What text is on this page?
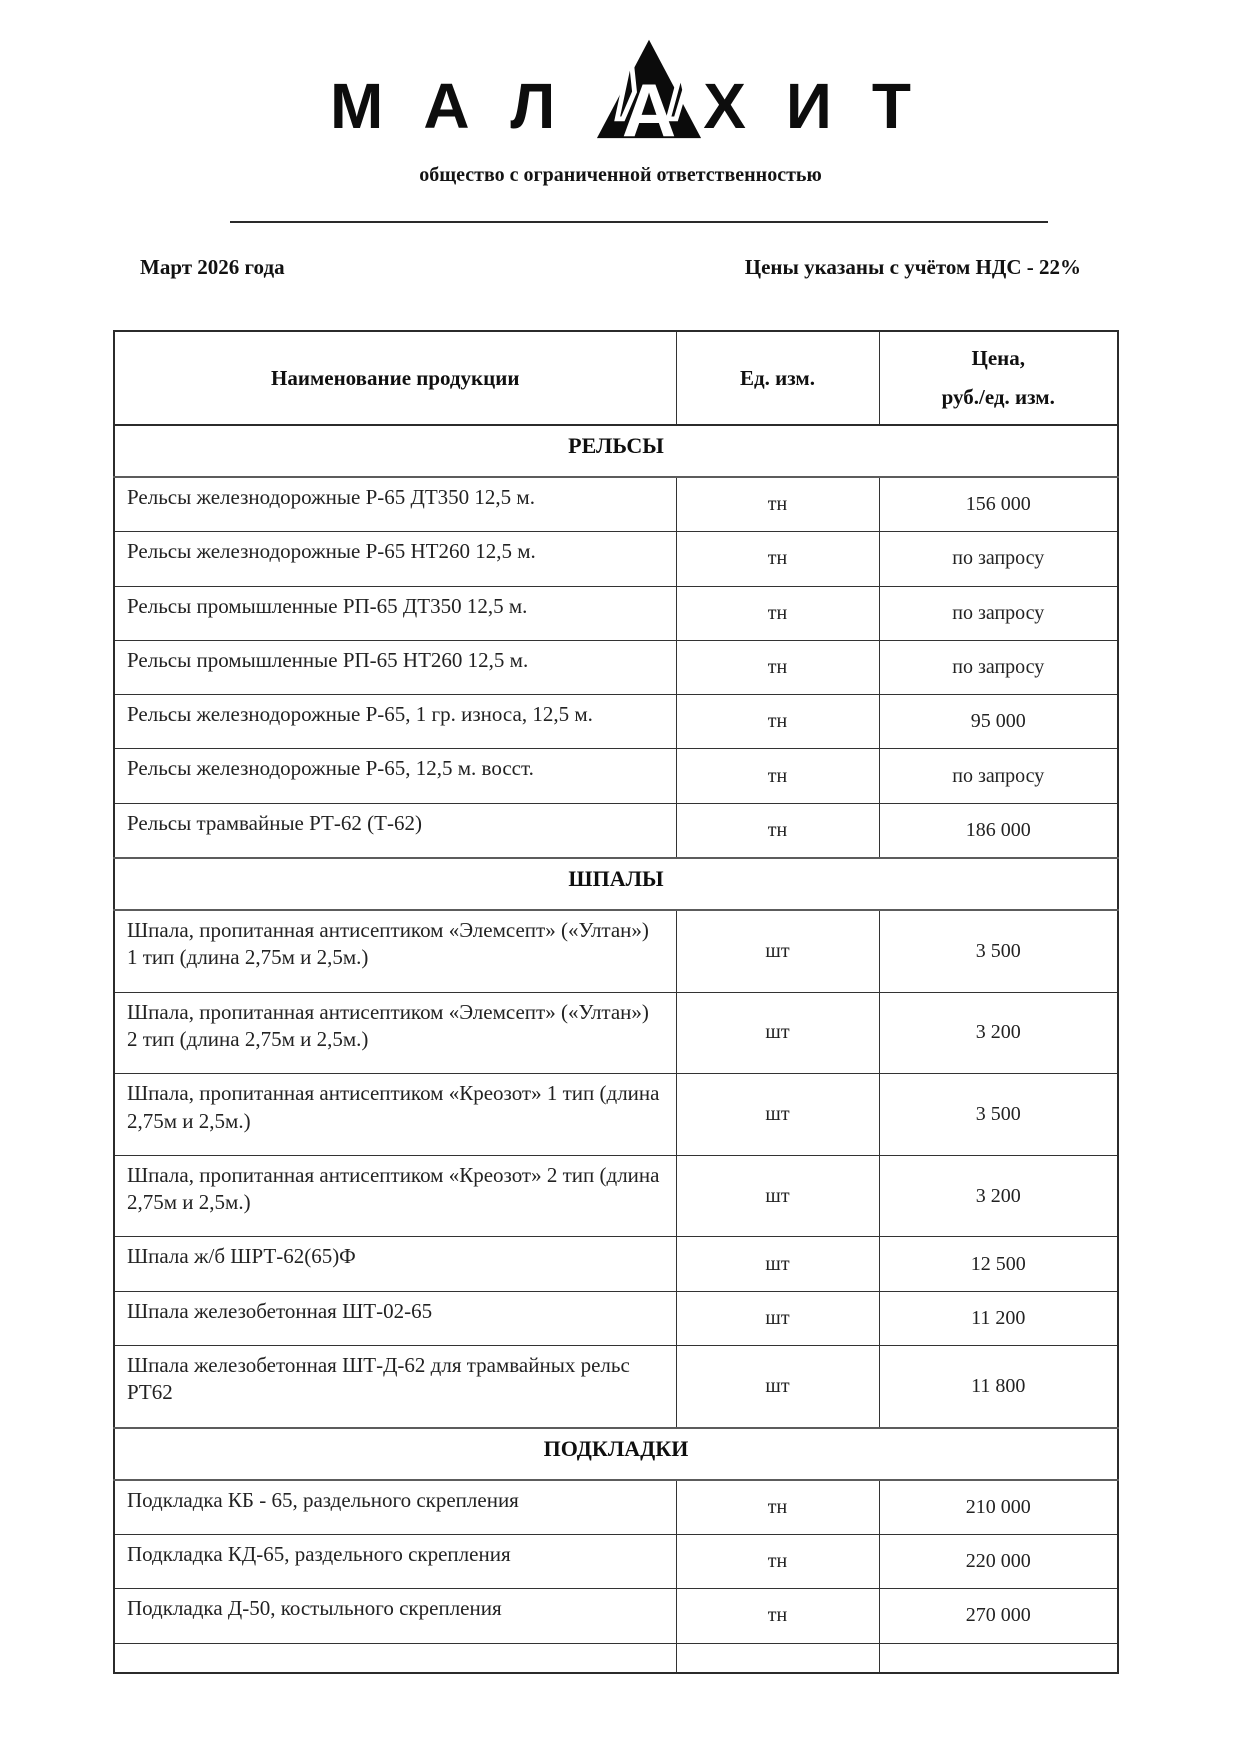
МАЛ А ХИТ
общество с ограниченной ответственностью
Март 2026 года	Цены указаны с учётом НДС - 22%
Наименование продукции	Ед. изм.	Цена,
руб./ед. изм.

РЕЛЬСЫ		
Рельсы железнодорожные Р-65 ДТ350 12,5 м.	тн	156 000
Рельсы железнодорожные Р-65 НТ260 12,5 м.	тн	по запросу
Рельсы промышленные РП-65 ДТ350 12,5 м.	тн	по запросу
Рельсы промышленные РП-65 НТ260 12,5 м.	тн	по запросу
Рельсы железнодорожные Р-65, 1 гр. износа, 12,5 м.	тн	95 000
Рельсы железнодорожные Р-65, 12,5 м. восст.	тн	по запросу
Рельсы трамвайные РТ-62 (Т-62)	тн	186 000
ШПАЛЫ		
Шпала, пропитанная антисептиком «Элемсепт» («Ултан») 1 тип (длина 2,75м и 2,5м.)	шт	3 500
Шпала, пропитанная антисептиком «Элемсепт» («Ултан») 2 тип (длина 2,75м и 2,5м.)	шт	3 200
Шпала, пропитанная антисептиком «Креозот» 1 тип (длина 2,75м и 2,5м.)	шт	3 500
Шпала, пропитанная антисептиком «Креозот» 2 тип (длина 2,75м и 2,5м.)	шт	3 200
Шпала ж/б ШРТ-62(65)Ф	шт	12 500
Шпала железобетонная ШТ-02-65	шт	11 200
Шпала железобетонная ШТ-Д-62 для трамвайных рельс РТ62	шт	11 800
ПОДКЛАДКИ		
Подкладка КБ - 65, раздельного скрепления	тн	210 000
Подкладка КД-65, раздельного скрепления	тн	220 000
Подкладка Д-50, костыльного скрепления	тн	270 000
